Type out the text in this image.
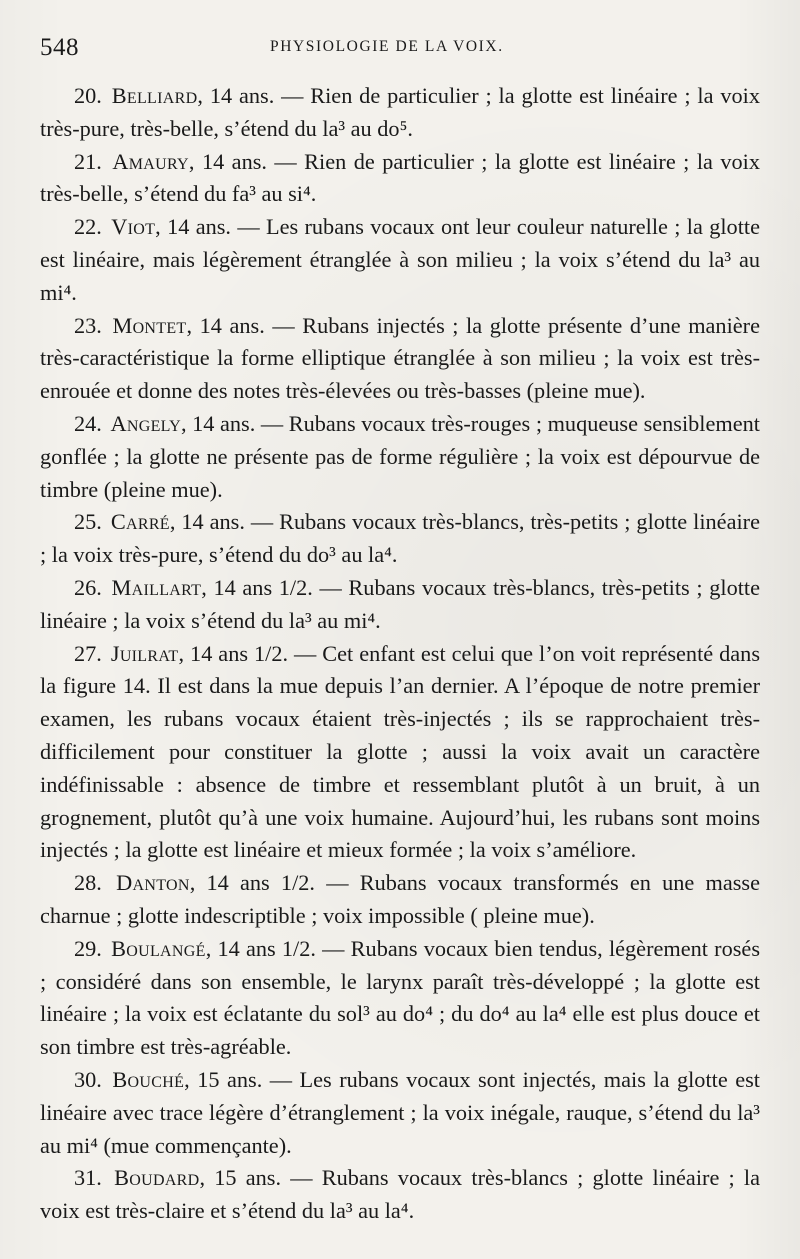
548	PHYSIOLOGIE DE LA VOIX.

20. Belliard, 14 ans. — Rien de particulier ; la glotte est linéaire ; la voix très-pure, très-belle, s’étend du la³ au do⁵.

21. Amaury, 14 ans. — Rien de particulier ; la glotte est linéaire ; la voix très-belle, s’étend du fa³ au si⁴.

22. Viot, 14 ans. — Les rubans vocaux ont leur couleur naturelle ; la glotte est linéaire, mais légèrement étranglée à son milieu ; la voix s’étend du la³ au mi⁴.

23. Montet, 14 ans. — Rubans injectés ; la glotte présente d’une manière très-caractéristique la forme elliptique étranglée à son milieu ; la voix est très-enrouée et donne des notes très-élevées ou très-basses (pleine mue).

24. Angely, 14 ans. — Rubans vocaux très-rouges ; muqueuse sensiblement gonflée ; la glotte ne présente pas de forme régulière ; la voix est dépourvue de timbre (pleine mue).

25. Carré, 14 ans. — Rubans vocaux très-blancs, très-petits ; glotte linéaire ; la voix très-pure, s’étend du do³ au la⁴.

26. Maillart, 14 ans 1/2. — Rubans vocaux très-blancs, très-petits ; glotte linéaire ; la voix s’étend du la³ au mi⁴.

27. Juilrat, 14 ans 1/2. — Cet enfant est celui que l’on voit représenté dans la figure 14. Il est dans la mue depuis l’an dernier. A l’époque de notre premier examen, les rubans vocaux étaient très-injectés ; ils se rapprochaient très-difficilement pour constituer la glotte ; aussi la voix avait un caractère indéfinissable : absence de timbre et ressemblant plutôt à un bruit, à un grognement, plutôt qu’à une voix humaine. Aujourd’hui, les rubans sont moins injectés ; la glotte est linéaire et mieux formée ; la voix s’améliore.

28. Danton, 14 ans 1/2. — Rubans vocaux transformés en une masse charnue ; glotte indescriptible ; voix impossible ( pleine mue).

29. Boulangé, 14 ans 1/2. — Rubans vocaux bien tendus, légèrement rosés ; considéré dans son ensemble, le larynx paraît très-développé ; la glotte est linéaire ; la voix est éclatante du sol³ au do⁴ ; du do⁴ au la⁴ elle est plus douce et son timbre est très-agréable.

30. Bouché, 15 ans. — Les rubans vocaux sont injectés, mais la glotte est linéaire avec trace légère d’étranglement ; la voix inégale, rauque, s’étend du la³ au mi⁴ (mue commençante).

31. Boudard, 15 ans. — Rubans vocaux très-blancs ; glotte linéaire ; la voix est très-claire et s’étend du la³ au la⁴.
